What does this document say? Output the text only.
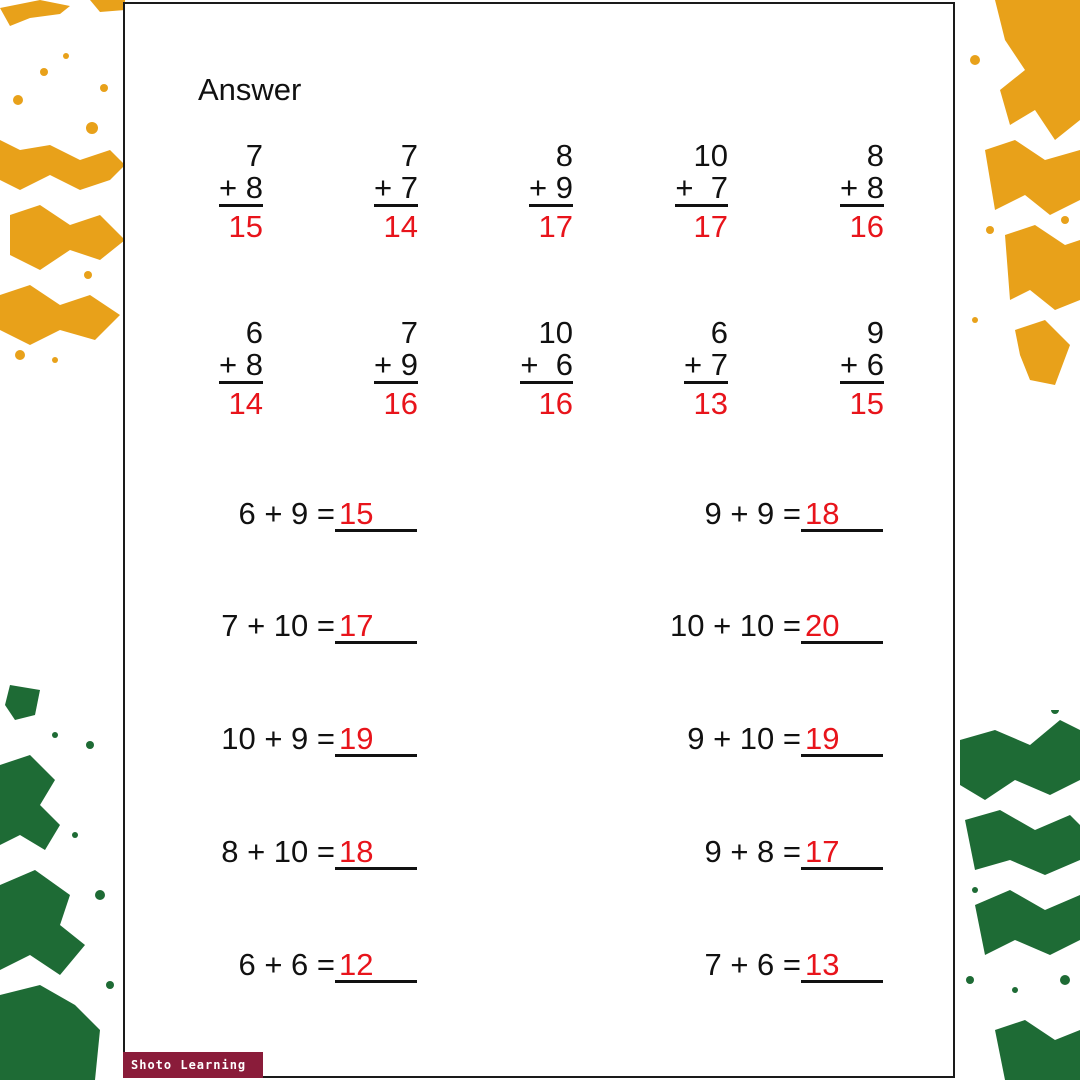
Answer
7
+ 8
15
7
+ 7
14
8
+ 9
17
10
+  7
17
8
+ 8
16
6
+ 8
14
7
+ 9
16
10
+  6
16
6
+ 7
13
9
+ 6
15
6 + 9 = 15
7 + 10 = 17
10 + 9 = 19
8 + 10 = 18
6 + 6 = 12
9 + 9 = 18
10 + 10 = 20
9 + 10 = 19
9 + 8 = 17
7 + 6 = 13
Shoto Learning
